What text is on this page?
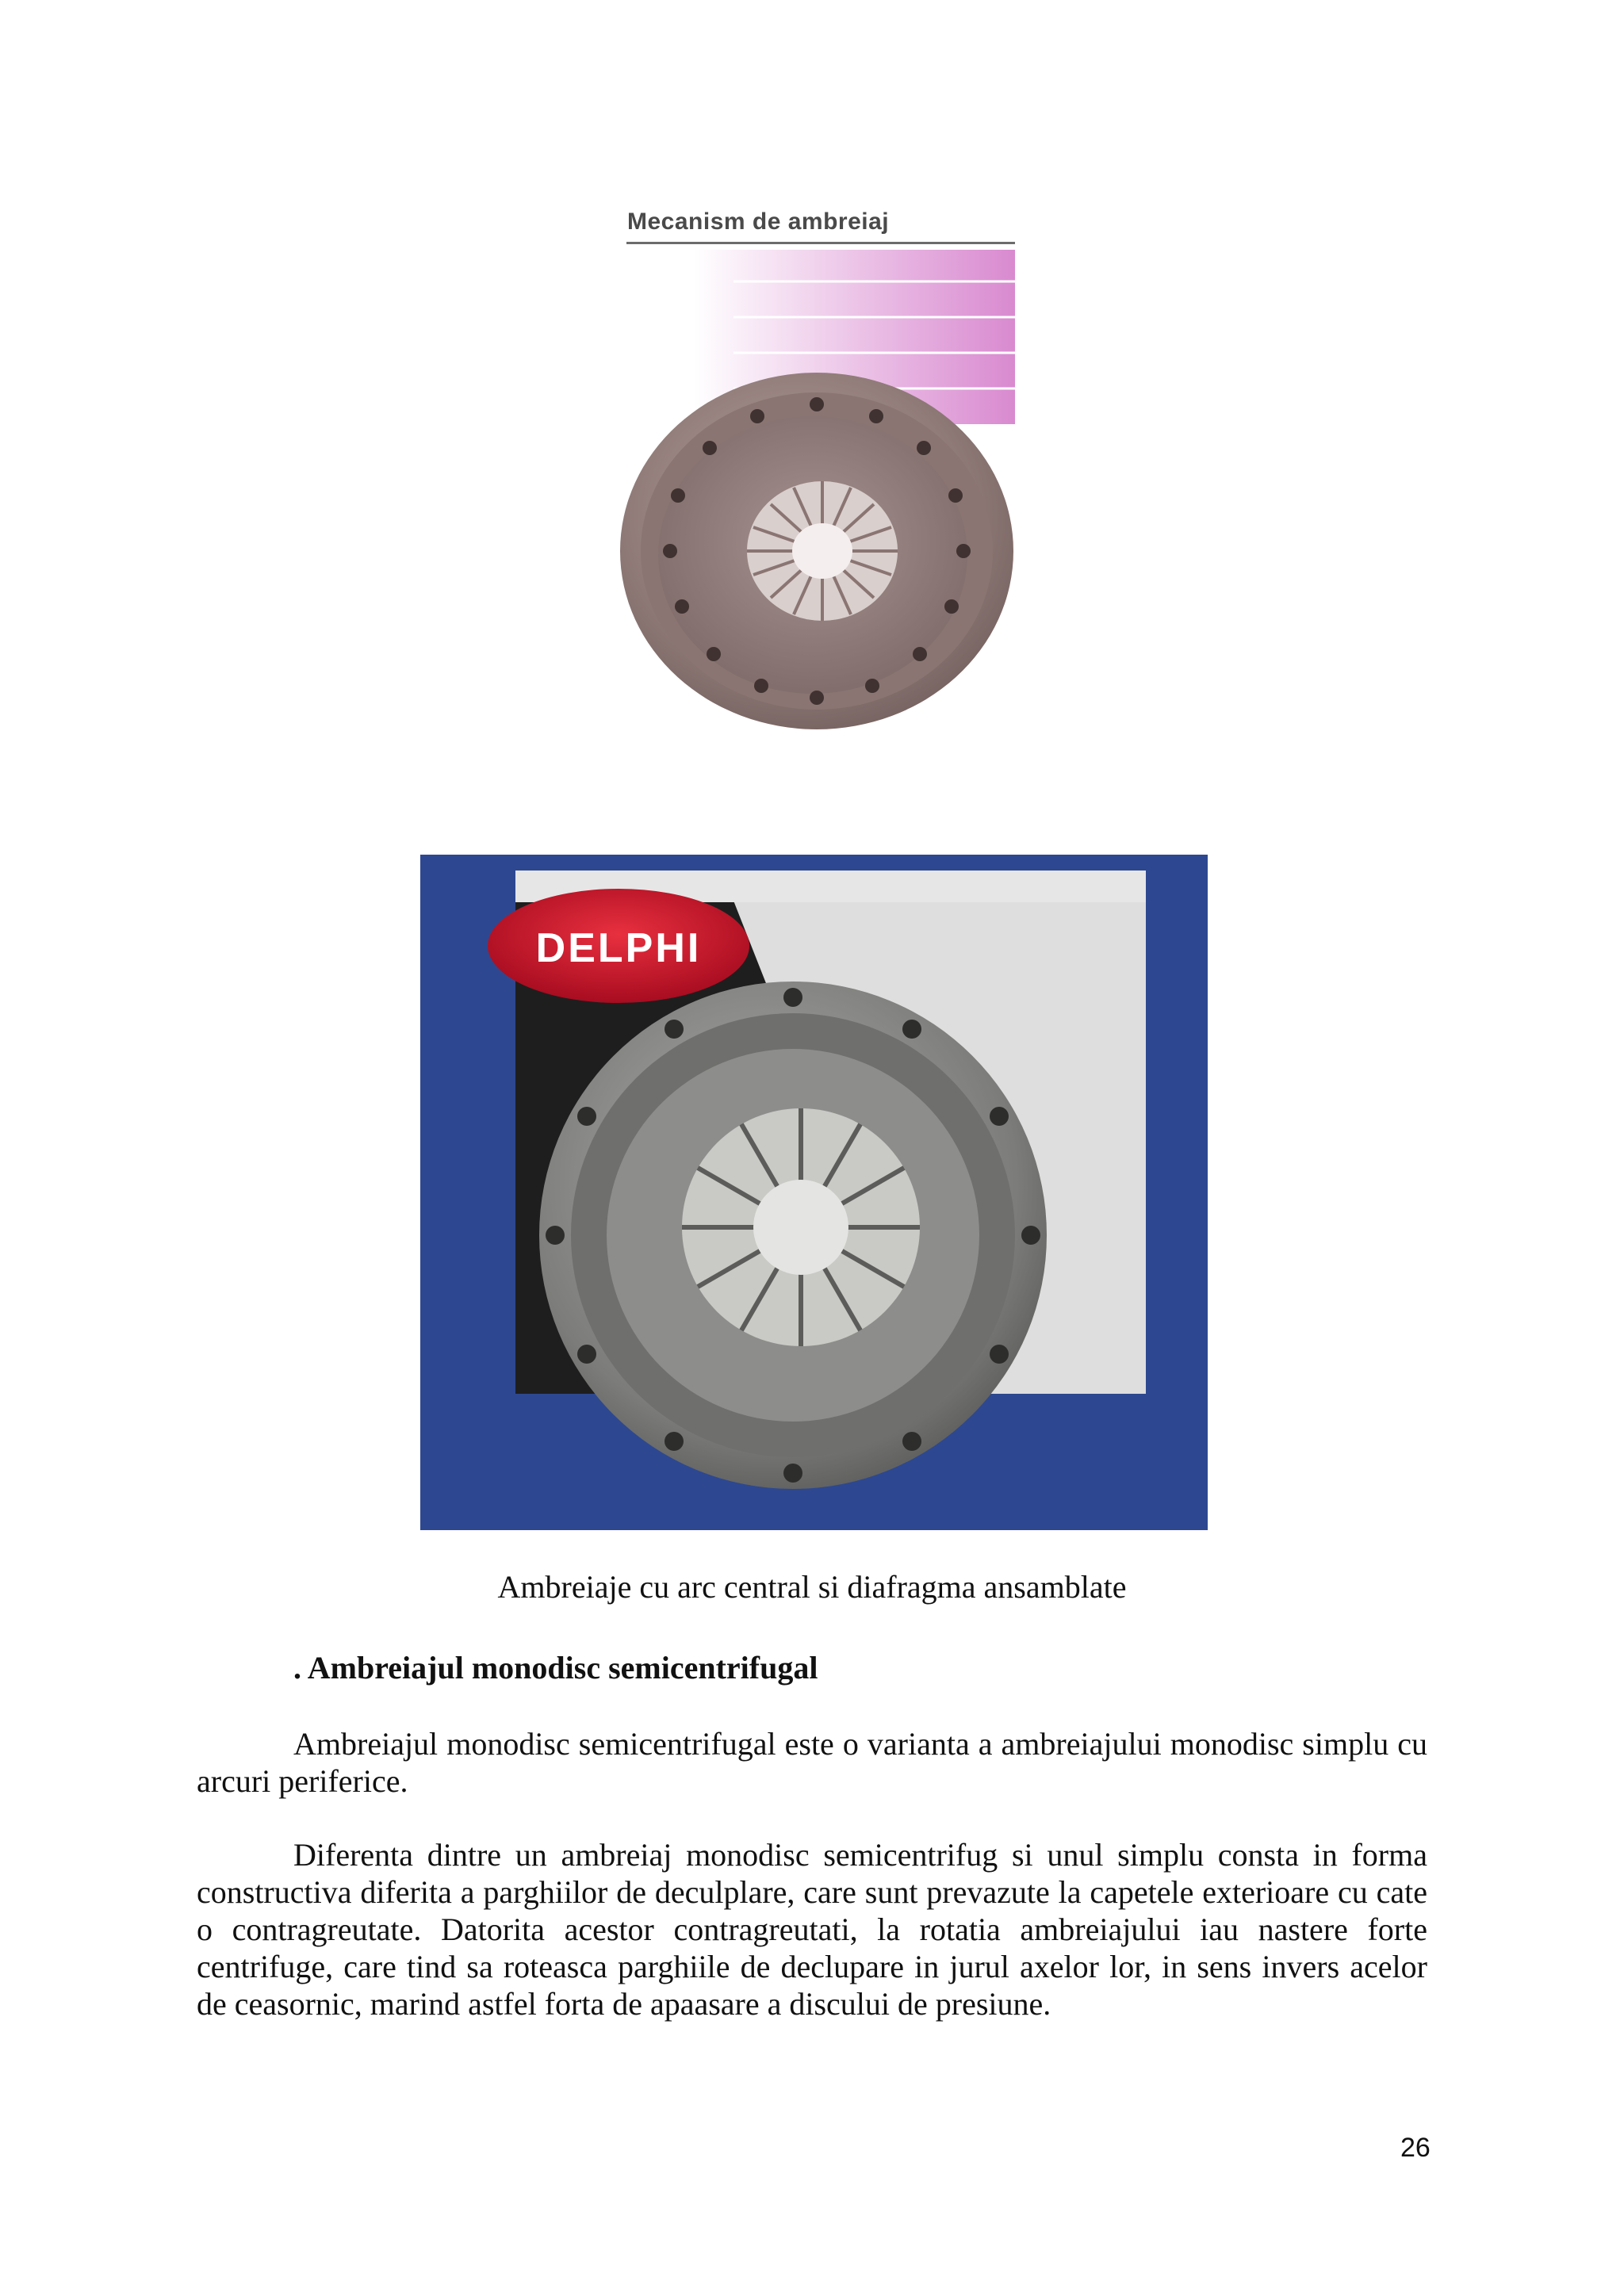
Mecanism de ambreiaj
DELPHI
Ambreiaje cu arc central si diafragma ansamblate
. Ambreiajul monodisc semicentrifugal

Ambreiajul monodisc semicentrifugal este o varianta a ambreiajului monodisc simplu cu arcuri periferice.

Diferenta dintre un ambreiaj monodisc semicentrifug si unul simplu consta in forma constructiva diferita a parghiilor de deculplare, care sunt prevazute la capetele exterioare cu cate o contragreutate. Datorita acestor contragreutati, la rotatia ambreiajului iau nastere forte centrifuge, care tind sa roteasca parghiile de declupare in jurul axelor lor, in sens invers acelor de ceasornic, marind astfel forta de apaasare a discului de presiune.

26
